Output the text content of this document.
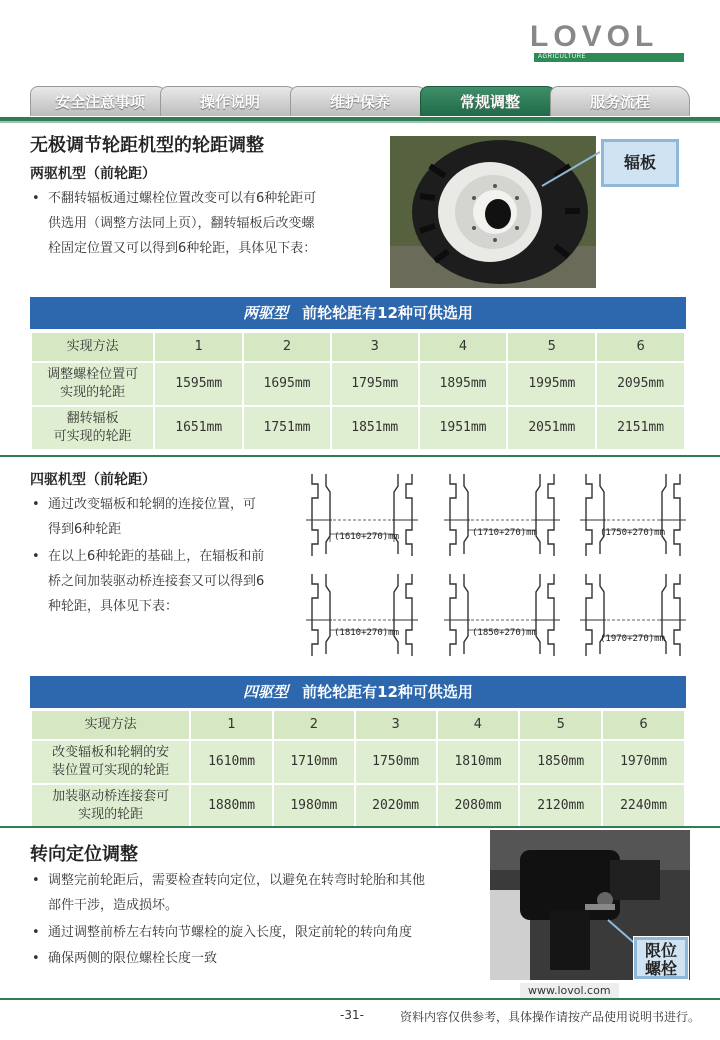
LOVOL
AGRICULTURE
安全注意事项	操作说明	维护保养	常规调整	服务流程
无极调节轮距机型的轮距调整
两驱机型（前轮距）
• 不翻转辐板通过螺栓位置改变可以有6种轮距可
供选用（调整方法同上页），翻转辐板后改变螺
栓固定位置又可以得到6种轮距，具体见下表：
辐板
两驱型 前轮轮距有12种可供选用
实现方法	1	2	3	4	5	6

调整螺栓位置可
实现的轮距	1595mm	1695mm	1795mm	1895mm	1995mm	2095mm

翻转辐板
可实现的轮距	1651mm	1751mm	1851mm	1951mm	2051mm	2151mm
四驱机型（前轮距）
• 通过改变辐板和轮辋的连接位置，可
得到6种轮距
• 在以上6种轮距的基础上，在辐板和前
桥之间加装驱动桥连接套又可以得到6
种轮距，具体见下表：
(1610+270)mm	(1710+270)mm	(1750+270)mm
(1810+270)mm	(1850+270)mm
(1970+270)mm
四驱型 前轮轮距有12种可供选用
实现方法	1	2	3	4	5	6

改变辐板和轮辋的安
装位置可实现的轮距	1610mm	1710mm	1750mm	1810mm	1850mm	1970mm

加装驱动桥连接套可
实现的轮距	1880mm	1980mm	2020mm	2080mm	2120mm	2240mm
转向定位调整
• 调整完前轮距后，需要检查转向定位，以避免在转弯时轮胎和其他
部件干涉，造成损坏。
• 通过调整前桥左右转向节螺栓的旋入长度，限定前轮的转向角度
• 确保两侧的限位螺栓长度一致	限位
螺栓
www.lovol.com
-31-	资料内容仅供参考，具体操作请按产品使用说明书进行。
